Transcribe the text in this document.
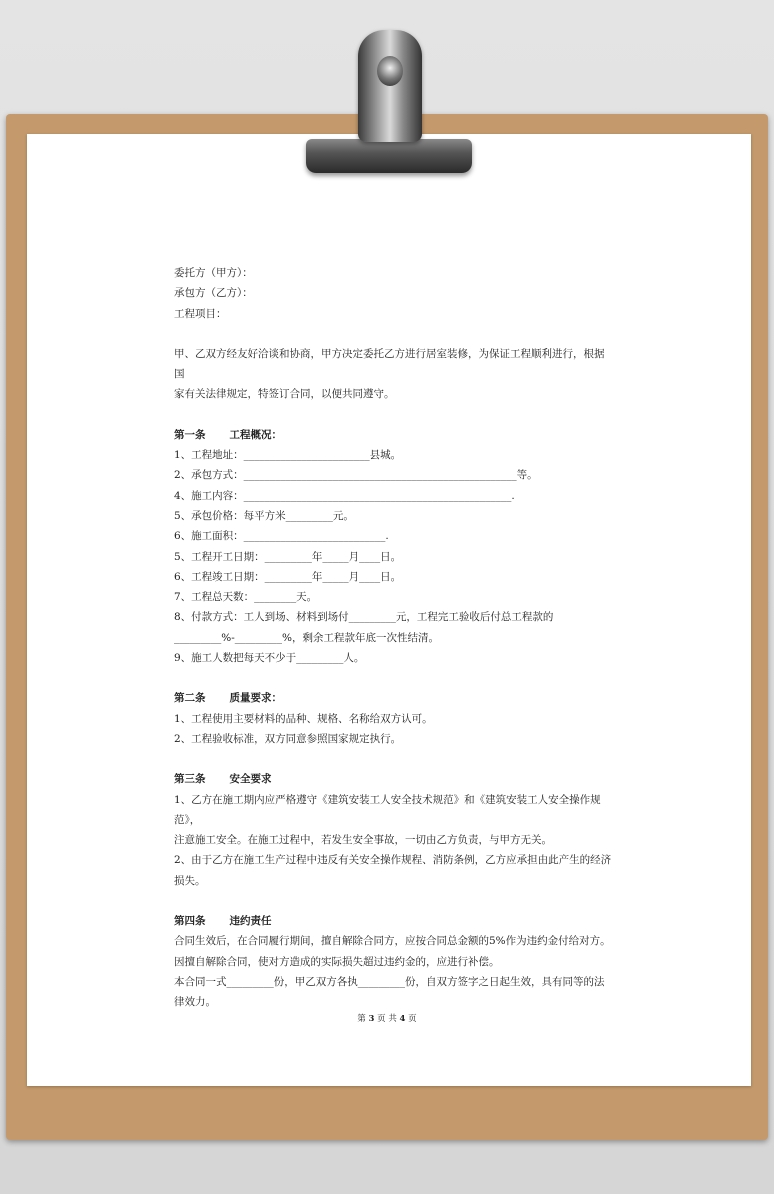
委托方（甲方）：

承包方（乙方）：

工程项目：

甲、乙双方经友好洽谈和协商，甲方决定委托乙方进行居室装修，为保证工程顺利进行，根据国

家有关法律规定，特签订合同，以便共同遵守。

第一条 工程概况：

1、工程地址：________________________县城。

2、承包方式：____________________________________________________等。

4、施工内容：___________________________________________________.

5、承包价格：每平方米_________元。

6、施工面积：___________________________.

5、工程开工日期：_________年_____月____日。

6、工程竣工日期：_________年_____月____日。

7、工程总天数：________天。

8、付款方式：工人到场、材料到场付_________元，工程完工验收后付总工程款的

_________%-_________%，剩余工程款年底一次性结清。

9、施工人数把每天不少于_________人。

第二条 质量要求：

1、工程使用主要材料的品种、规格、名称给双方认可。

2、工程验收标准，双方同意参照国家规定执行。

第三条 安全要求

1、乙方在施工期内应严格遵守《建筑安装工人安全技术规范》和《建筑安装工人安全操作规范》，

注意施工安全。在施工过程中，若发生安全事故，一切由乙方负责，与甲方无关。

2、由于乙方在施工生产过程中违反有关安全操作规程、消防条例，乙方应承担由此产生的经济

损失。

第四条 违约责任

合同生效后，在合同履行期间，擅自解除合同方，应按合同总金额的5%作为违约金付给对方。

因擅自解除合同，使对方造成的实际损失超过违约金的，应进行补偿。

本合同一式_________份，甲乙双方各执_________份，自双方签字之日起生效，具有同等的法

律效力。

第 3 页 共 4 页
